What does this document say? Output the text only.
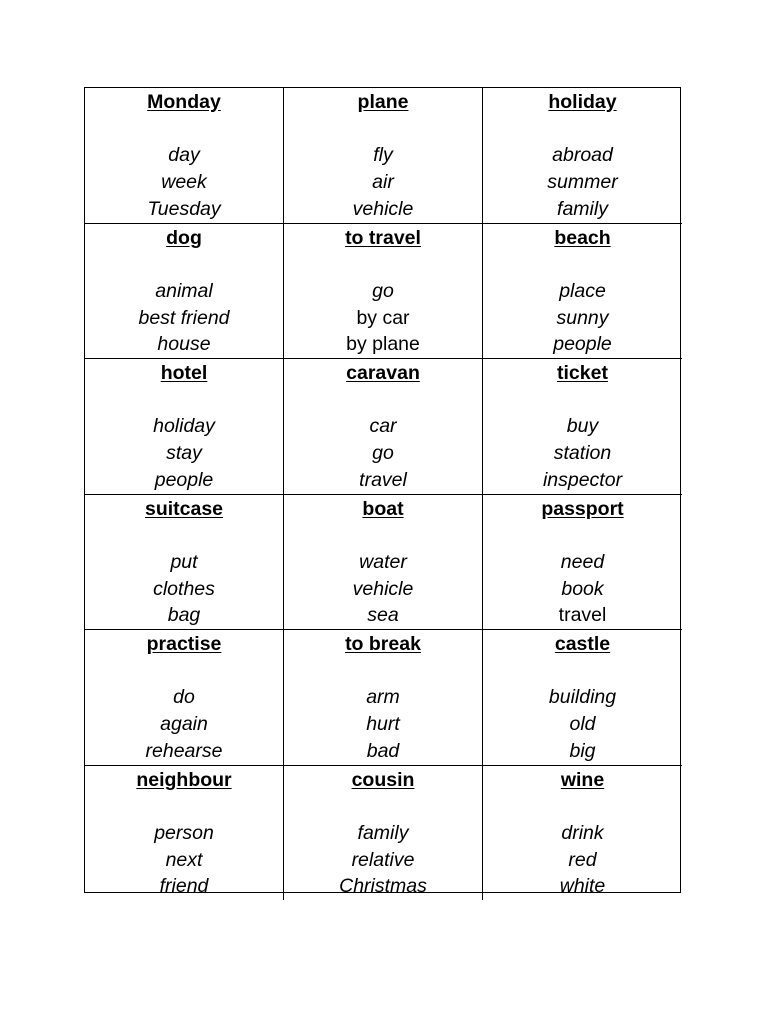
Monday
day
week
Tuesday
plane
fly
air
vehicle
holiday
abroad
summer
family
dog
animal
best friend
house
to travel
go
by car
by plane
beach
place
sunny
people
hotel
holiday
stay
people
caravan
car
go
travel
ticket
buy
station
inspector
suitcase
put
clothes
bag
boat
water
vehicle
sea
passport
need
book
travel
practise
do
again
rehearse
to break
arm
hurt
bad
castle
building
old
big
neighbour
person
next
friend
cousin
family
relative
Christmas
wine
drink
red
white
